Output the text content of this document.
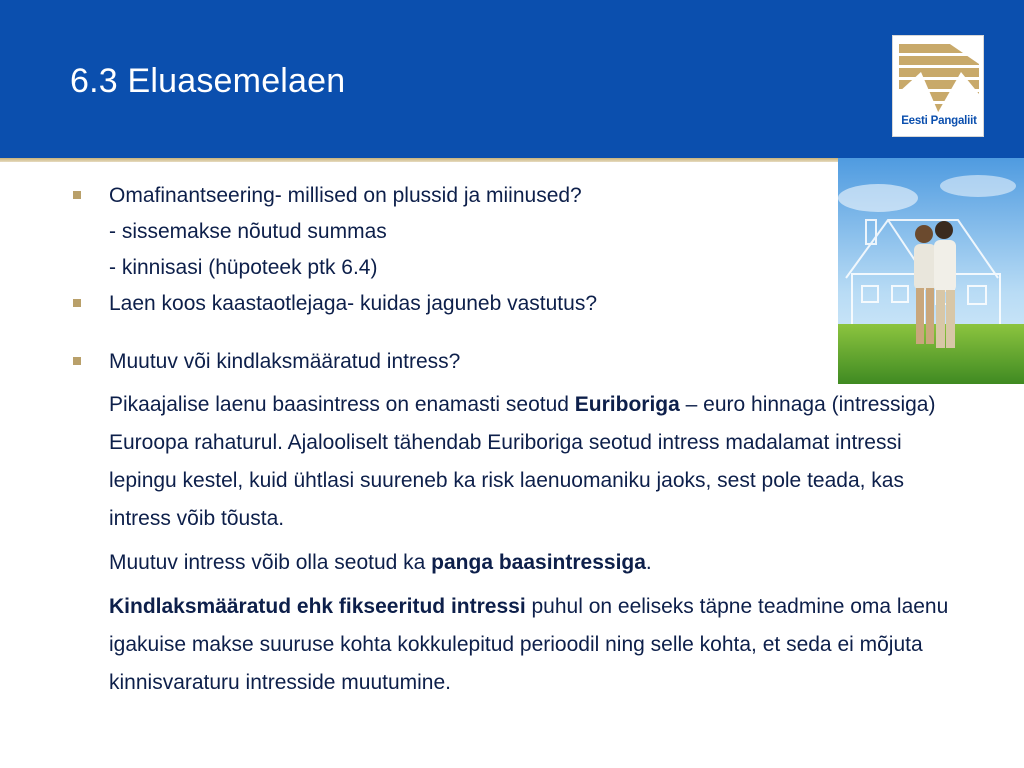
6.3 Eluasemelaen
Eesti Pangaliit
Omafinantseering- millised on plussid ja miinused?
- sissemakse nõutud summas
- kinnisasi (hüpoteek ptk 6.4)
Laen koos kaastaotlejaga- kuidas jaguneb vastutus?
Muutuv või kindlaksmääratud intress?
Pikaajalise laenu baasintress on enamasti seotud Euriboriga – euro hinnaga (intressiga) Euroopa rahaturul. Ajalooliselt tähendab Euriboriga seotud intress madalamat intressi lepingu kestel, kuid ühtlasi suureneb ka risk laenuomaniku jaoks, sest pole teada, kas intress võib tõusta.
Muutuv intress võib olla seotud ka panga baasintressiga.
Kindlaksmääratud ehk fikseeritud intressi puhul on eeliseks täpne teadmine oma laenu igakuise makse suuruse kohta kokkulepitud perioodil ning selle kohta, et seda ei mõjuta kinnisvaraturu intresside muutumine.
